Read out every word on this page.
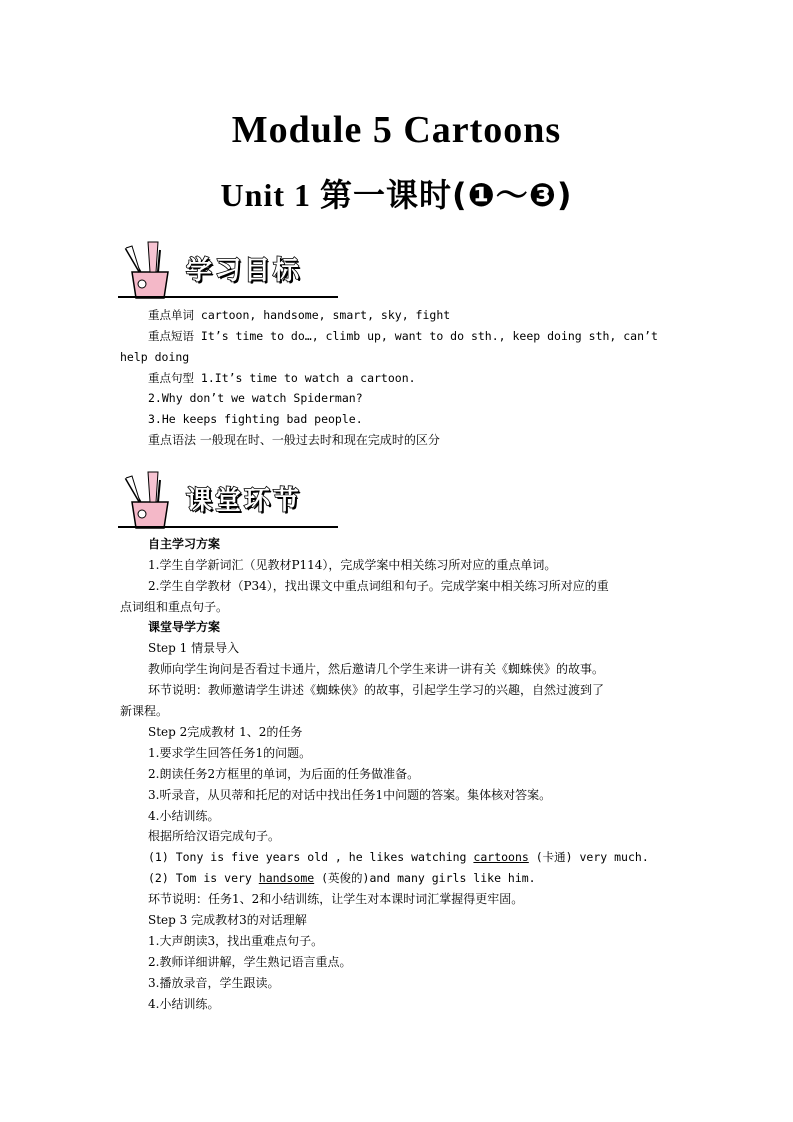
Module 5 Cartoons
Unit 1 第一课时(❶～❸)
学习目标
重点单词 cartoon, handsome, smart, sky, fight
重点短语 It’s time to do…, climb up, want to do sth., keep doing sth, can’t
help doing
重点句型 1.It’s time to watch a cartoon.
2.Why don’t we watch Spiderman?
3.He keeps fighting bad people.
重点语法 一般现在时、一般过去时和现在完成时的区分
课堂环节
自主学习方案
1.学生自学新词汇（见教材P114），完成学案中相关练习所对应的重点单词。
2.学生自学教材（P34），找出课文中重点词组和句子。完成学案中相关练习所对应的重
点词组和重点句子。
课堂导学方案
Step 1 情景导入
教师向学生询问是否看过卡通片，然后邀请几个学生来讲一讲有关《蜘蛛侠》的故事。
环节说明：教师邀请学生讲述《蜘蛛侠》的故事，引起学生学习的兴趣，自然过渡到了
新课程。
Step 2完成教材 1、2的任务
1.要求学生回答任务1的问题。
2.朗读任务2方框里的单词，为后面的任务做准备。
3.听录音，从贝蒂和托尼的对话中找出任务1中问题的答案。集体核对答案。
4.小结训练。
根据所给汉语完成句子。
(1) Tony is five years old , he likes watching cartoons (卡通) very much.
(2) Tom is very handsome (英俊的)and many girls like him.
环节说明：任务1、2和小结训练，让学生对本课时词汇掌握得更牢固。
Step 3 完成教材3的对话理解
1.大声朗读3，找出重难点句子。
2.教师详细讲解，学生熟记语言重点。
3.播放录音，学生跟读。
4.小结训练。
